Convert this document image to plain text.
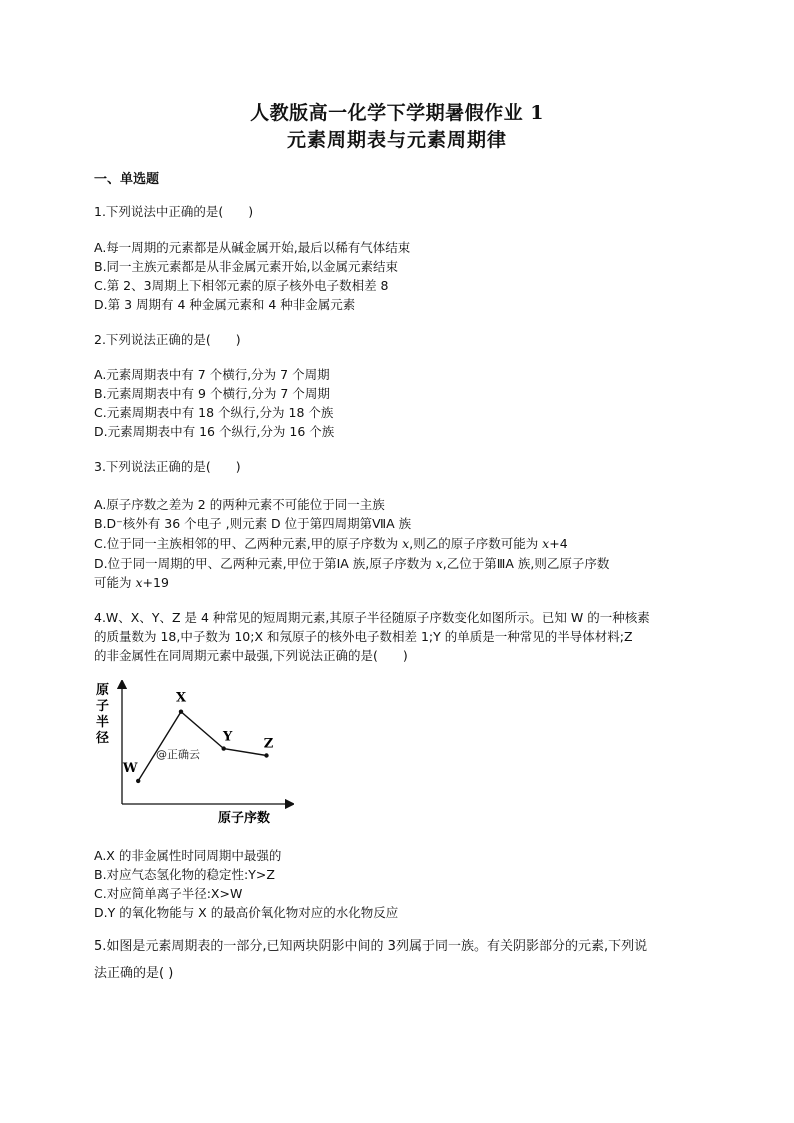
人教版高一化学下学期暑假作业 1
元素周期表与元素周期律
一、单选题
1.下列说法中正确的是(　　)
A.每一周期的元素都是从碱金属开始,最后以稀有气体结束
B.同一主族元素都是从非金属元素开始,以金属元素结束
C.第 2、3周期上下相邻元素的原子核外电子数相差 8
D.第 3 周期有 4 种金属元素和 4 种非金属元素
2.下列说法正确的是(　　)
A.元素周期表中有 7 个横行,分为 7 个周期
B.元素周期表中有 9 个横行,分为 7 个周期
C.元素周期表中有 18 个纵行,分为 18 个族
D.元素周期表中有 16 个纵行,分为 16 个族
3.下列说法正确的是(　　)
A.原子序数之差为 2 的两种元素不可能位于同一主族
B.D⁻核外有 36 个电子 ,则元素 D 位于第四周期第ⅦA 族
C.位于同一主族相邻的甲、乙两种元素,甲的原子序数为 x,则乙的原子序数可能为 x+4
D.位于同一周期的甲、乙两种元素,甲位于第ⅠA 族,原子序数为 x,乙位于第ⅢA 族,则乙原子序数
可能为 x+19
4.W、X、Y、Z 是 4 种常见的短周期元素,其原子半径随原子序数变化如图所示。已知 W 的一种核素
的质量数为 18,中子数为 10;X 和氖原子的核外电子数相差 1;Y 的单质是一种常见的半导体材料;Z
的非金属性在同周期元素中最强,下列说法正确的是(　　)
原
子
半
径
原子序数
@正确云
W
X
Y Z
A.X 的非金属性时同周期中最强的
B.对应气态氢化物的稳定性:Y>Z
C.对应简单离子半径:X>W
D.Y 的氧化物能与 X 的最高价氧化物对应的水化物反应
5.如图是元素周期表的一部分,已知两块阴影中间的 3列属于同一族。有关阴影部分的元素,下列说
法正确的是( )
